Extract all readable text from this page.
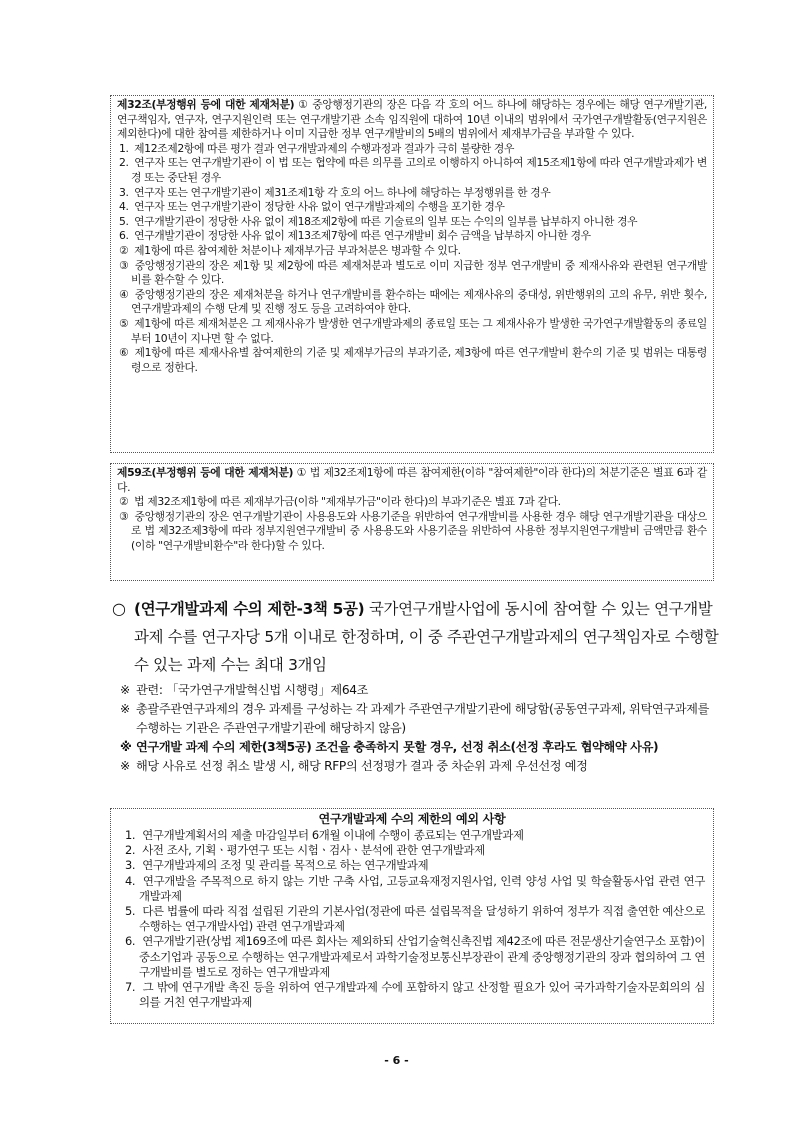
제32조(부정행위 등에 대한 제재처분) ① 중앙행정기관의 장은 다음 각 호의 어느 하나에 해당하는 경우에는 해당 연구개발기관, 연구책임자, 연구자, 연구지원인력 또는 연구개발기관 소속 임직원에 대하여 10년 이내의 범위에서 국가연구개발활동(연구지원은 제외한다)에 대한 참여를 제한하거나 이미 지급한 정부 연구개발비의 5배의 범위에서 제재부가금을 부과할 수 있다.

1. 제12조제2항에 따른 평가 결과 연구개발과제의 수행과정과 결과가 극히 불량한 경우

2. 연구자 또는 연구개발기관이 이 법 또는 협약에 따른 의무를 고의로 이행하지 아니하여 제15조제1항에 따라 연구개발과제가 변경 또는 중단된 경우

3. 연구자 또는 연구개발기관이 제31조제1항 각 호의 어느 하나에 해당하는 부정행위를 한 경우

4. 연구자 또는 연구개발기관이 정당한 사유 없이 연구개발과제의 수행을 포기한 경우

5. 연구개발기관이 정당한 사유 없이 제18조제2항에 따른 기술료의 일부 또는 수익의 일부를 납부하지 아니한 경우

6. 연구개발기관이 정당한 사유 없이 제13조제7항에 따른 연구개발비 회수 금액을 납부하지 아니한 경우

② 제1항에 따른 참여제한 처분이나 제재부가금 부과처분은 병과할 수 있다.

③ 중앙행정기관의 장은 제1항 및 제2항에 따른 제재처분과 별도로 이미 지급한 정부 연구개발비 중 제재사유와 관련된 연구개발비를 환수할 수 있다.

④ 중앙행정기관의 장은 제재처분을 하거나 연구개발비를 환수하는 때에는 제재사유의 중대성, 위반행위의 고의 유무, 위반 횟수, 연구개발과제의 수행 단계 및 진행 정도 등을 고려하여야 한다.

⑤ 제1항에 따른 제재처분은 그 제재사유가 발생한 연구개발과제의 종료일 또는 그 제재사유가 발생한 국가연구개발활동의 종료일부터 10년이 지나면 할 수 없다.

⑥ 제1항에 따른 제재사유별 참여제한의 기준 및 제재부가금의 부과기준, 제3항에 따른 연구개발비 환수의 기준 및 범위는 대통령령으로 정한다.

제59조(부정행위 등에 대한 제재처분) ① 법 제32조제1항에 따른 참여제한(이하 "참여제한"이라 한다)의 처분기준은 별표 6과 같다.

② 법 제32조제1항에 따른 제재부가금(이하 "제재부가금"이라 한다)의 부과기준은 별표 7과 같다.

③ 중앙행정기관의 장은 연구개발기관이 사용용도와 사용기준을 위반하여 연구개발비를 사용한 경우 해당 연구개발기관을 대상으로 법 제32조제3항에 따라 정부지원연구개발비 중 사용용도와 사용기준을 위반하여 사용한 정부지원연구개발비 금액만큼 환수(이하 "연구개발비환수"라 한다)할 수 있다.

○ (연구개발과제 수의 제한-3책 5공) 국가연구개발사업에 동시에 참여할 수 있는 연구개발과제 수를 연구자당 5개 이내로 한정하며, 이 중 주관연구개발과제의 연구책임자로 수행할 수 있는 과제 수는 최대 3개임

※ 관련: 「국가연구개발혁신법 시행령」제64조

※ 총괄주관연구과제의 경우 과제를 구성하는 각 과제가 주관연구개발기관에 해당함(공동연구과제, 위탁연구과제를 수행하는 기관은 주관연구개발기관에 해당하지 않음)

※ 연구개발 과제 수의 제한(3책5공) 조건을 충족하지 못할 경우, 선정 취소(선정 후라도 협약해약 사유)

※ 해당 사유로 선정 취소 발생 시, 해당 RFP의 선정평가 결과 중 차순위 과제 우선선정 예정

연구개발과제 수의 제한의 예외 사항

1. 연구개발계획서의 제출 마감일부터 6개월 이내에 수행이 종료되는 연구개발과제

2. 사전 조사, 기획ㆍ평가연구 또는 시험ㆍ검사ㆍ분석에 관한 연구개발과제

3. 연구개발과제의 조정 및 관리를 목적으로 하는 연구개발과제

4. 연구개발을 주목적으로 하지 않는 기반 구축 사업, 고등교육재정지원사업, 인력 양성 사업 및 학술활동사업 관련 연구개발과제

5. 다른 법률에 따라 직접 설립된 기관의 기본사업(정관에 따른 설립목적을 달성하기 위하여 정부가 직접 출연한 예산으로 수행하는 연구개발사업) 관련 연구개발과제

6. 연구개발기관(상법 제169조에 따른 회사는 제외하되 산업기술혁신촉진법 제42조에 따른 전문생산기술연구소 포함)이 중소기업과 공동으로 수행하는 연구개발과제로서 과학기술정보통신부장관이 관계 중앙행정기관의 장과 협의하여 그 연구개발비를 별도로 정하는 연구개발과제

7. 그 밖에 연구개발 촉진 등을 위하여 연구개발과제 수에 포함하지 않고 산정할 필요가 있어 국가과학기술자문회의의 심의를 거친 연구개발과제

- 6 -
